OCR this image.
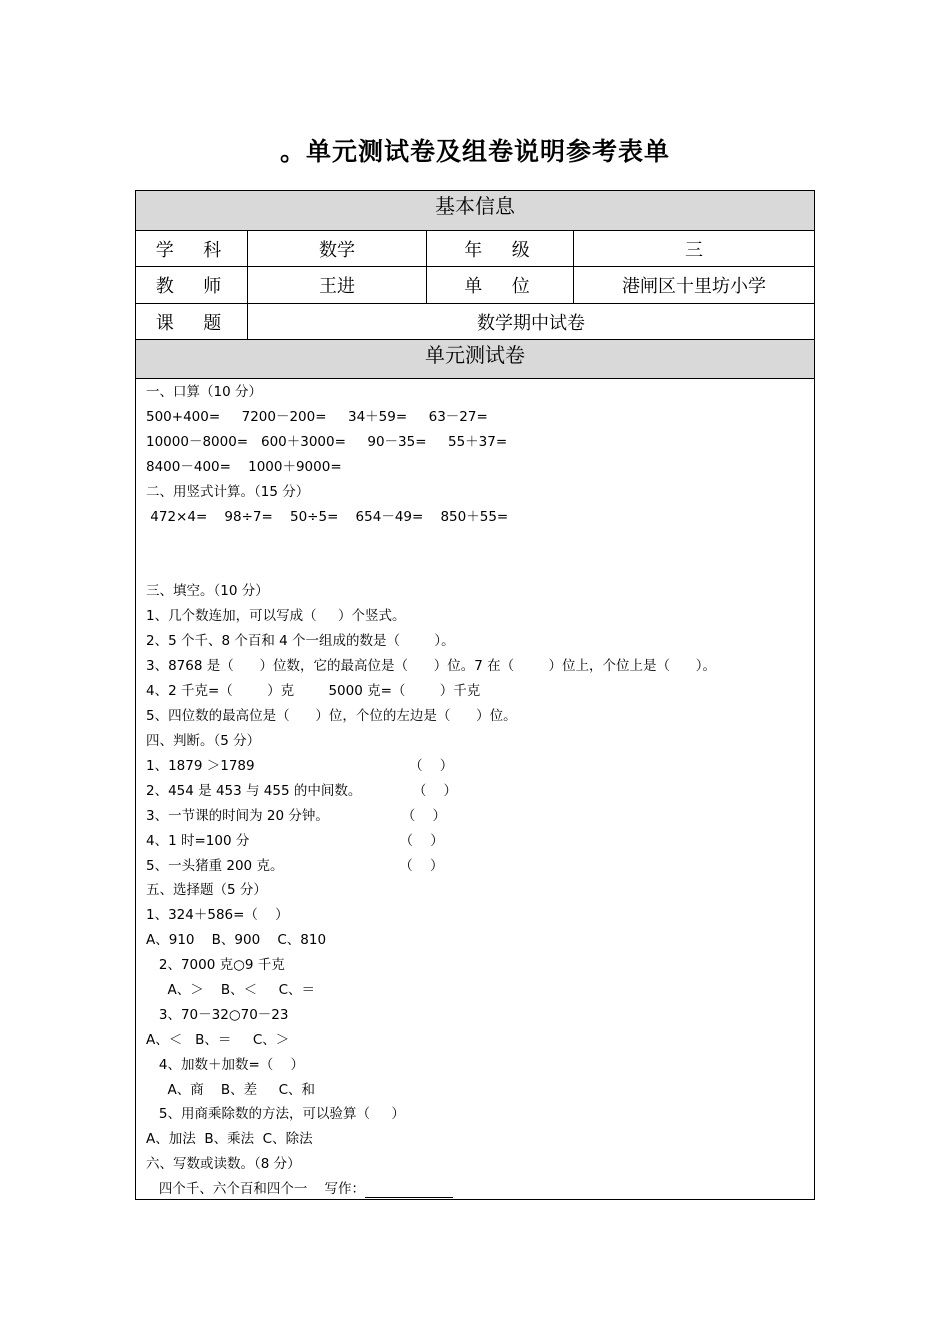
。单元测试卷及组卷说明参考表单
基本信息
学  科	数学	年  级	三
教  师	王进	单  位	港闸区十里坊小学
课  题	数学期中试卷
单元测试卷
一、口算（10 分）
500+400=     7200－200=     34＋59=     63－27=
10000－8000=   600＋3000=     90－35=     55＋37=
8400－400=    1000＋9000=
二、用竖式计算。（15 分）
472×4=    98÷7=    50÷5=    654－49=    850＋55=
三、填空。（10 分）
1、几个数连加，可以写成（     ）个竖式。
2、5 个千、8 个百和 4 个一组成的数是（        ）。
3、8768 是（      ）位数，它的最高位是（      ）位。7 在（        ）位上，个位上是（      ）。
4、2 千克=（        ）克        5000 克=（        ）千克
5、四位数的最高位是（      ）位，个位的左边是（      ）位。
四、判断。（5 分）
1、1879 ＞1789                                    （    ）
2、454 是 453 与 455 的中间数。            （    ）
3、一节课的时间为 20 分钟。                 （    ）
4、1 时=100 分                                   （    ）
5、一头猪重 200 克。                           （    ）
五、选择题（5 分）
1、324＋586=（    ）
A、910    B、900    C、810
2、7000 克○9 千克
A、＞    B、＜     C、＝
3、70－32○70－23
A、＜   B、＝     C、＞
4、加数＋加数=（    ）
A、商    B、差     C、和
5、用商乘除数的方法，可以验算（     ）
A、加法  B、乘法  C、除法
六、写数或读数。（8 分）
四个千、六个百和四个一    写作：
